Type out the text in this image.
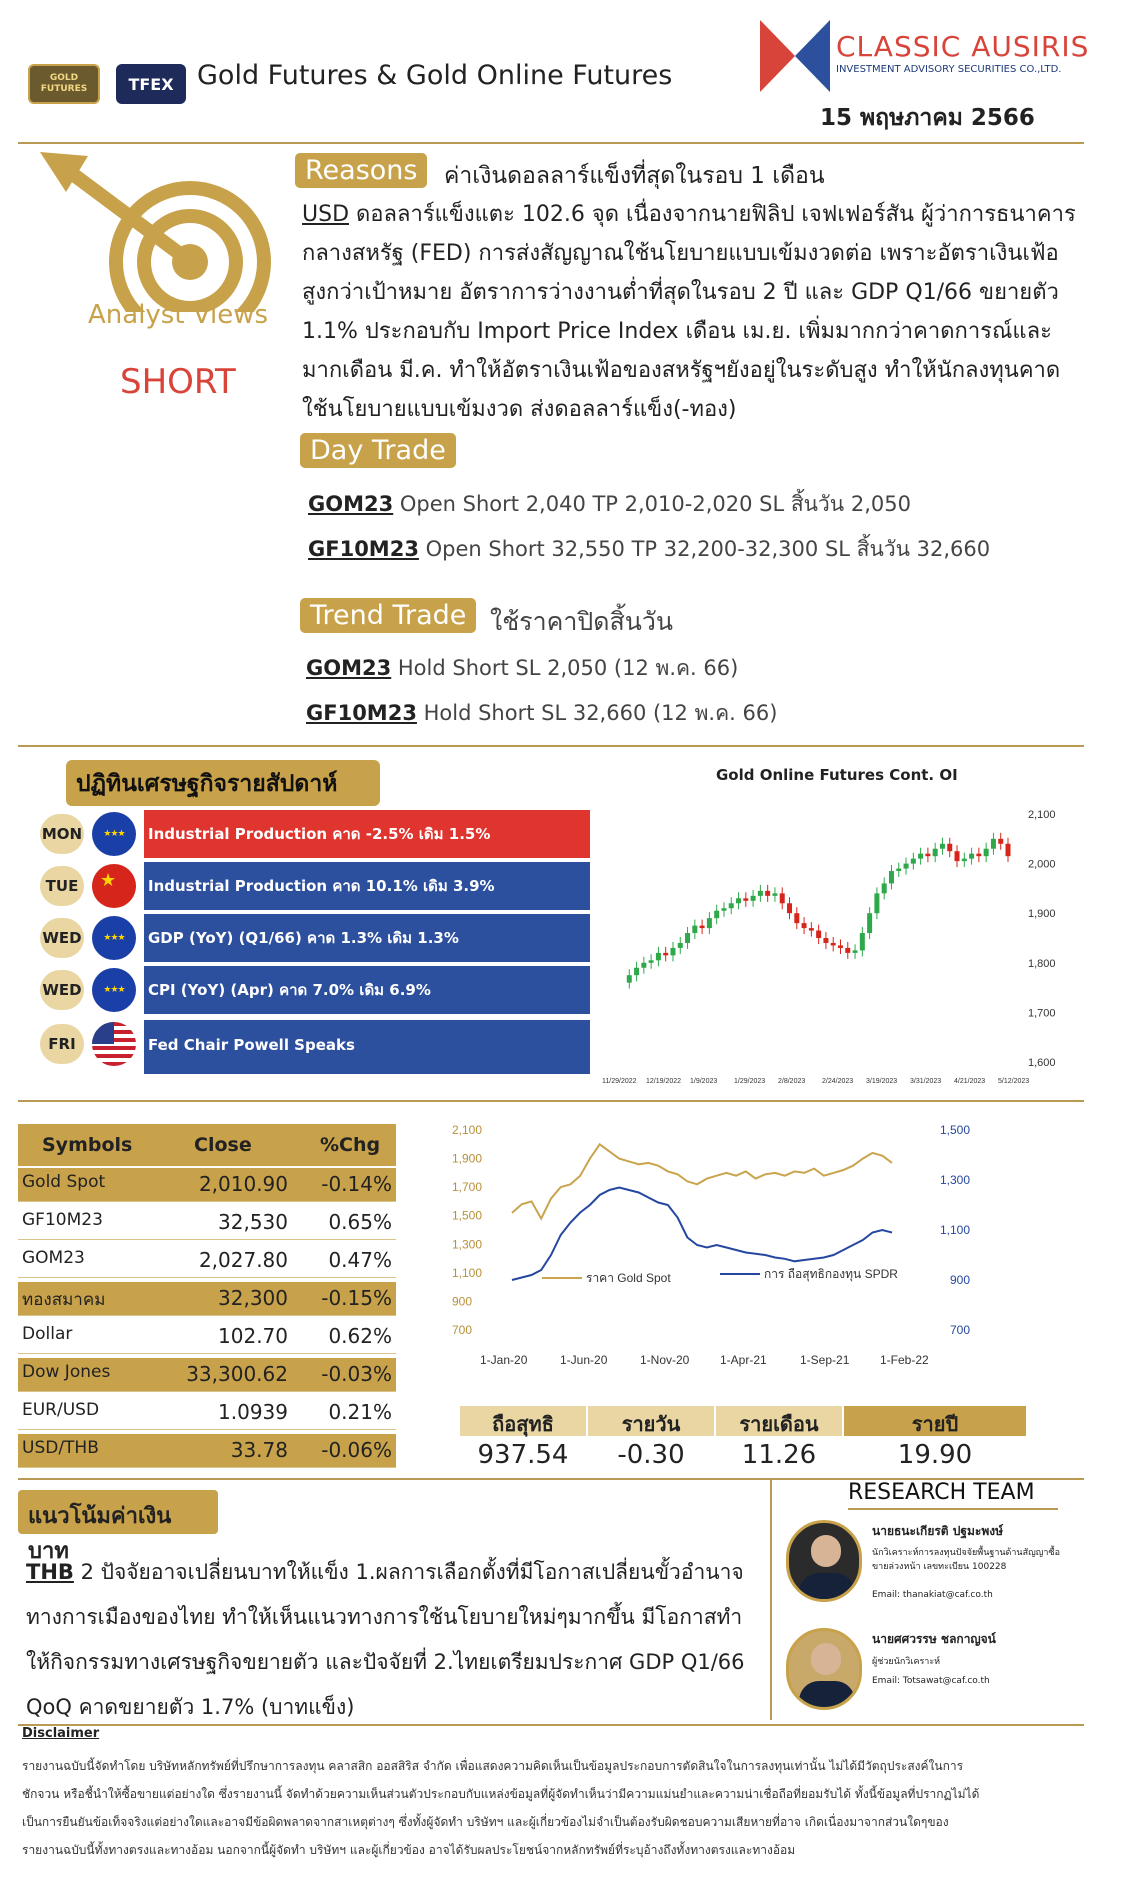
GOLD FUTURES	TFEX Gold Futures & Gold Online Futures
CLASSIC AUSIRIS
INVESTMENT ADVISORY SECURITIES CO.,LTD.
15 พฤษภาคม 2566
Analyst Views
SHORT
Reasons	ค่าเงินดอลลาร์แข็งที่สุดในรอบ 1 เดือน
USD ดอลลาร์แข็งแตะ 102.6 จุด เนื่องจากนายฟิลิป เจฟเฟอร์สัน ผู้ว่าการธนาคาร
กลางสหรัฐ (FED) การส่งสัญญาณใช้นโยบายแบบเข้มงวดต่อ เพราะอัตราเงินเฟ้อ
สูงกว่าเป้าหมาย อัตราการว่างงานต่ำที่สุดในรอบ 2 ปี และ GDP Q1/66 ขยายตัว
1.1% ประกอบกับ Import Price Index เดือน เม.ย. เพิ่มมากกว่าคาดการณ์และ
มากเดือน มี.ค. ทำให้อัตราเงินเฟ้อของสหรัฐฯยังอยู่ในระดับสูง ทำให้นักลงทุนคาด
ใช้นโยบายแบบเข้มงวด ส่งดอลลาร์แข็ง(-ทอง)
Day Trade
GOM23 Open Short 2,040 TP 2,010-2,020 SL สิ้นวัน 2,050
GF10M23 Open Short 32,550 TP 32,200-32,300 SL สิ้นวัน 32,660
Trend Trade ใช้ราคาปิดสิ้นวัน
GOM23 Hold Short SL 2,050 (12 พ.ค. 66)
GF10M23 Hold Short SL 32,660 (12 พ.ค. 66)
ปฏิทินเศรษฐกิจรายสัปดาห์
MON	★★★	Industrial Production คาด -2.5% เดิม 1.5%
TUE	★	Industrial Production คาด 10.1% เดิม 3.9%
WED	★★★	GDP (YoY) (Q1/66) คาด 1.3% เดิม 1.3%
WED	★★★	CPI (YoY) (Apr) คาด 7.0% เดิม 6.9%
FRI	Fed Chair Powell Speaks
Gold Online Futures Cont. OI
2,100
2,000
1,900
1,800
1,700
1,600
11/29/2022 12/19/2022 1/9/2023 1/29/2023 2/8/2023 2/24/2023 3/19/2023 3/31/2023 4/21/2023 5/12/2023
Symbols	Close	%Chg
Gold Spot	2,010.90 -0.14%
GF10M23	32,530 0.65%
GOM23	2,027.80 0.47%
ทองสมาคม	32,300 -0.15%
Dollar	102.70 0.62%
Dow Jones	33,300.62 -0.03%
EUR/USD	1.0939 0.21%
USD/THB	33.78 -0.06%
2,100
1,900
1,700
1,500
1,300
1,100
900
700
1,500
1,300
1,100
900
700
ราคา Gold Spot	การ ถือสุทธิกองทุน SPDR
1-Jan-20	1-Jun-20	1-Nov-20	1-Apr-21	1-Sep-21	1-Feb-22
ถือสุทธิ	รายวัน	รายเดือน	รายปี
937.54	-0.30	11.26	19.90
แนวโน้มค่าเงินบาท
THB 2 ปัจจัยอาจเปลี่ยนบาทให้แข็ง 1.ผลการเลือกตั้งที่มีโอกาสเปลี่ยนขั้วอำนาจ
ทางการเมืองของไทย ทำให้เห็นแนวทางการใช้นโยบายใหม่ๆมากขึ้น มีโอกาสทำ
ให้กิจกรรมทางเศรษฐกิจขยายตัว และปัจจัยที่ 2.ไทยเตรียมประกาศ GDP Q1/66
QoQ คาดขยายตัว 1.7% (บาทแข็ง)
RESEARCH TEAM
นายธนะเกียรติ ปฐมะพงษ์
นักวิเคราะห์การลงทุนปัจจัยพื้นฐานด้านสัญญาซื้อ
ขายล่วงหน้า เลขทะเบียน 100228
Email: thanakiat@caf.co.th
นายศศวรรษ ชลกาญจน์
ผู้ช่วยนักวิเคราะห์
Email: Totsawat@caf.co.th
Disclaimer
รายงานฉบับนี้จัดทำโดย บริษัทหลักทรัพย์ที่ปรึกษาการลงทุน คลาสสิก ออสสิริส จำกัด เพื่อแสดงความคิดเห็นเป็นข้อมูลประกอบการตัดสินใจในการลงทุนเท่านั้น ไม่ได้มีวัตถุประสงค์ในการ
ชักจวน หรือชี้นำให้ซื้อขายแต่อย่างใด ซึ่งรายงานนี้ จัดทำด้วยความเห็นส่วนตัวประกอบกับแหล่งข้อมูลที่ผู้จัดทำเห็นว่ามีความแม่นยำและความน่าเชื่อถือที่ยอมรับได้ ทั้งนี้ข้อมูลที่ปรากฏไม่ได้
เป็นการยืนยันข้อเท็จจริงแต่อย่างใดและอาจมีข้อผิดพลาดจากสาเหตุต่างๆ ซึ่งทั้งผู้จัดทำ บริษัทฯ และผู้เกี่ยวข้องไม่จำเป็นต้องรับผิดชอบความเสียหายที่อาจ เกิดเนื่องมาจากส่วนใดๆของ
รายงานฉบับนี้ทั้งทางตรงและทางอ้อม นอกจากนี้ผู้จัดทำ บริษัทฯ และผู้เกี่ยวข้อง อาจได้รับผลประโยชน์จากหลักทรัพย์ที่ระบุอ้างถึงทั้งทางตรงและทางอ้อม
